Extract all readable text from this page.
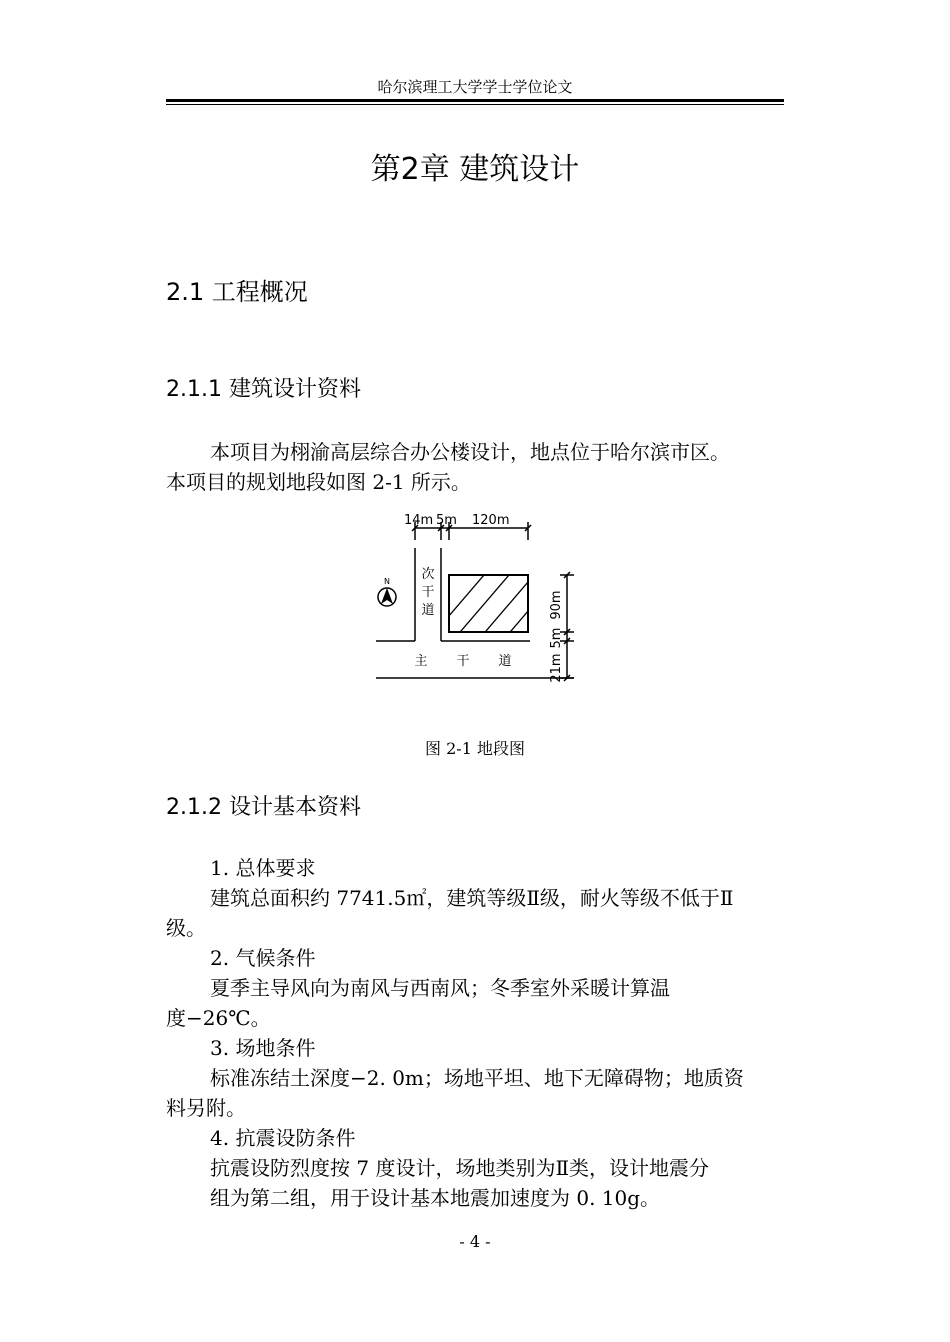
哈尔滨理工大学学士学位论文
第2章 建筑设计
2.1 工程概况
2.1.1 建筑设计资料
本项目为栩渝高层综合办公楼设计，地点位于哈尔滨市区。
本项目的规划地段如图 2-1 所示。
N
14m 5m 120m
90m
5m
21m
次
干
道
主 干 道
图 2-1 地段图
2.1.2 设计基本资料
1. 总体要求
建筑总面积约 7741.5㎡，建筑等级Ⅱ级，耐火等级不低于Ⅱ
级。
2. 气候条件
夏季主导风向为南风与西南风；冬季室外采暖计算温
度−26℃。
3. 场地条件
标准冻结土深度−2. 0m；场地平坦、地下无障碍物；地质资
料另附。
4. 抗震设防条件
抗震设防烈度按 7 度设计，场地类别为Ⅱ类，设计地震分
组为第二组，用于设计基本地震加速度为 0. 10g。
- 4 -
